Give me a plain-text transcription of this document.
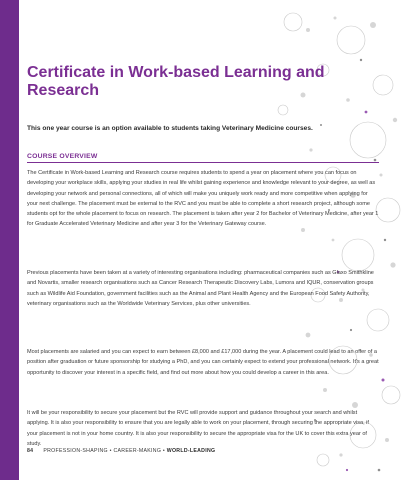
Certificate in Work-based Learning and Research

This one year course is an option available to students taking Veterinary Medicine courses.

COURSE OVERVIEW

The Certificate in Work-based Learning and Research course requires students to spend a year on placement where you can focus on developing your workplace skills, applying your studies in real life whilst gaining experience and knowledge relevant to your degree, as well as developing your network and personal connections, all of which will make you uniquely work ready and more competitive when applying for your next challenge. The placement must be external to the RVC and you must be able to complete a short research project, although some students opt for the whole placement to focus on research. The placement is taken after year 2 for Bachelor of Veterinary Medicine, after year 1 for Graduate Accelerated Veterinary Medicine and after year 3 for the Veterinary Gateway course.

Previous placements have been taken at a variety of interesting organisations including: pharmaceutical companies such as Glaxo Smithkline and Novartis, smaller research organisations such as Cancer Research Therapeutic Discovery Labs, Lumora and IQUR, conservation groups such as Wildlife Aid Foundation, government facilities such as the Animal and Plant Health Agency and the European Food Safety Authority, veterinary organisations such as the Worldwide Veterinary Services, plus other universities.

Most placements are salaried and you can expect to earn between £8,000 and £17,000 during the year. A placement could lead to an offer of a position after graduation or future sponsorship for studying a PhD, and you can certainly expect to extend your professional network. It's a great opportunity to discover your interest in a specific field, and find out more about how you could develop a career in this area.

It will be your responsibility to secure your placement but the RVC will provide support and guidance throughout your search and whilst applying. It is also your responsibility to ensure that you are legally able to work on your placement, through securing the appropriate visa, if your placement is not in your home country. It is also your responsibility to secure the appropriate visa for the UK to cover this extra year of study.

84 PROFESSION-SHAPING • CAREER-MAKING • WORLD-LEADING
